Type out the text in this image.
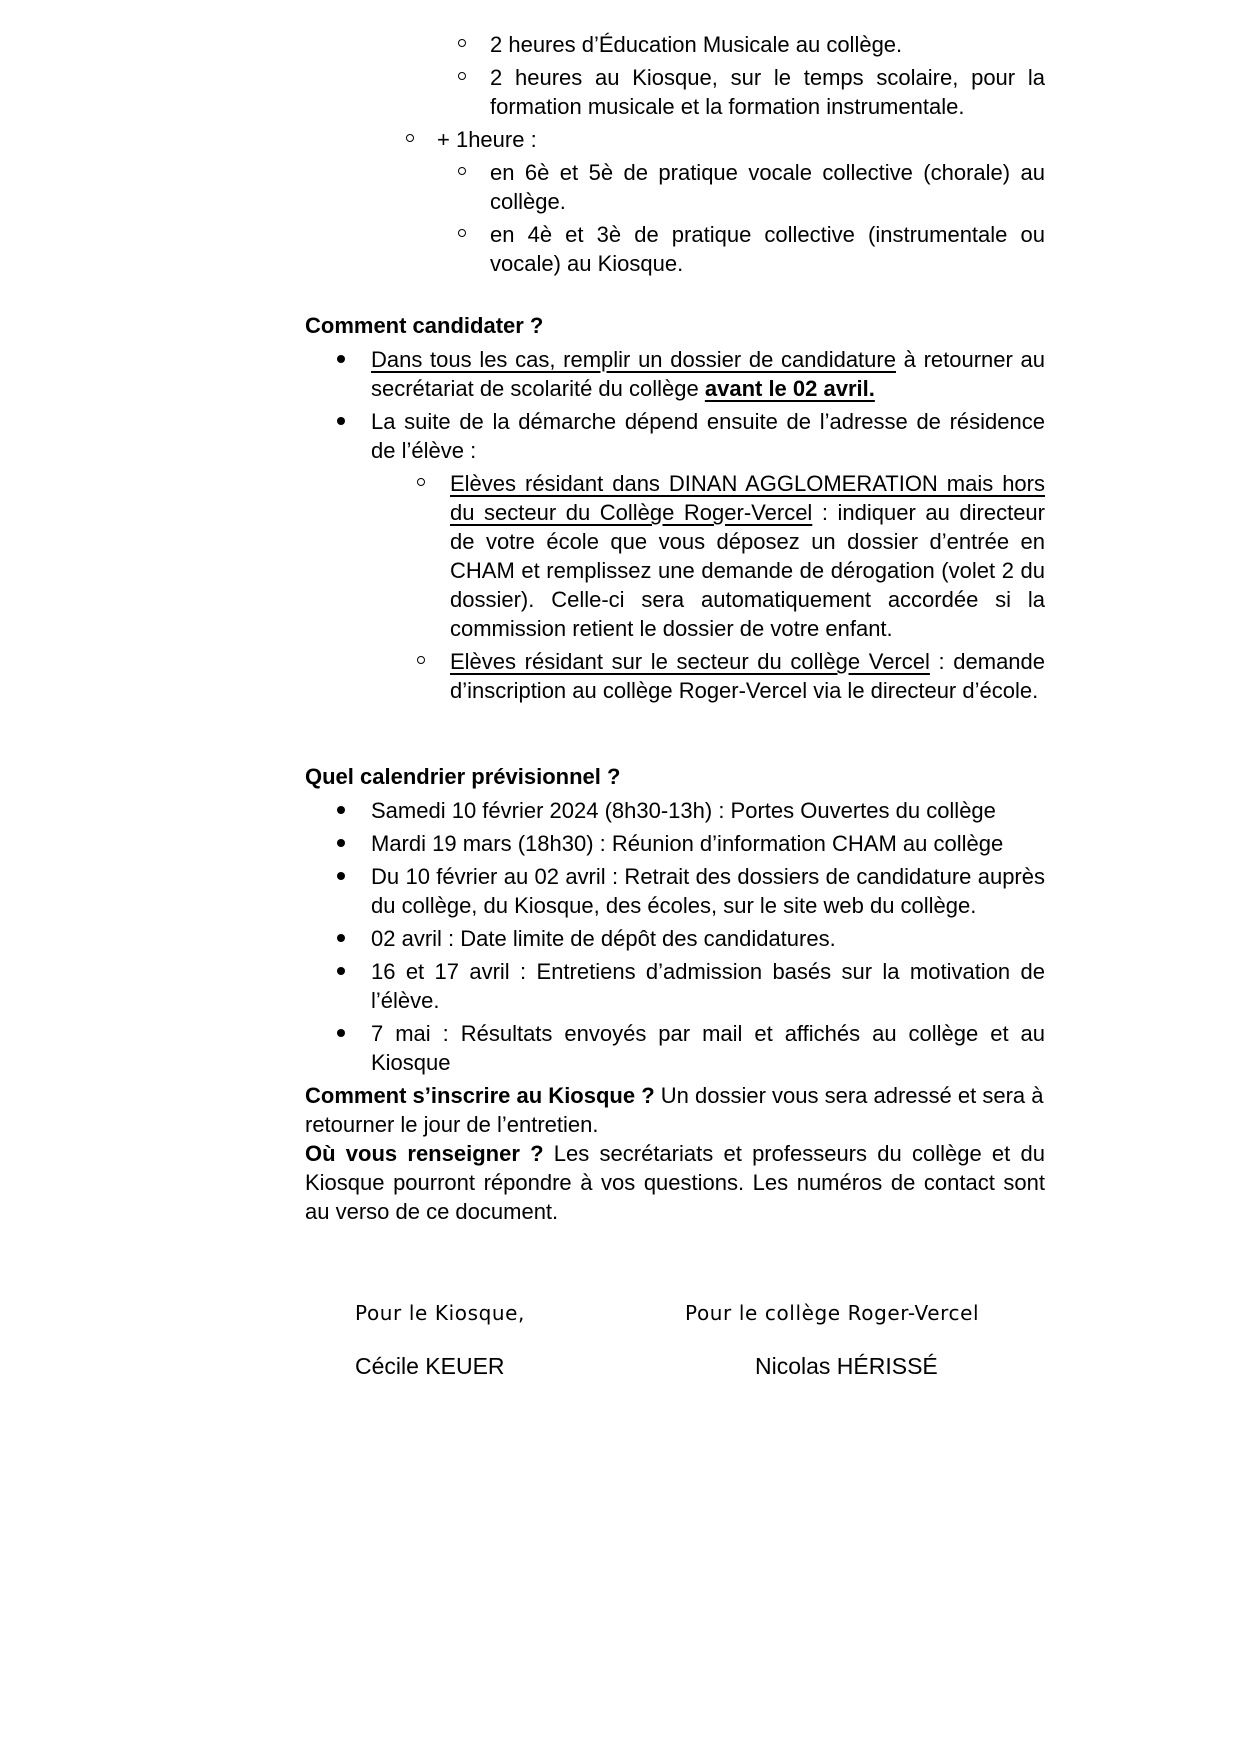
2 heures d’Éducation Musicale au collège.
2 heures au Kiosque, sur le temps scolaire, pour la formation musicale et la formation instrumentale.
+ 1heure :
en 6è et 5è de pratique vocale collective (chorale) au collège.
en 4è et 3è de pratique collective (instrumentale ou vocale) au Kiosque.

Comment candidater ?

Dans tous les cas, remplir un dossier de candidature à retourner au secrétariat de scolarité du collège avant le 02 avril.
La suite de la démarche dépend ensuite de l’adresse de résidence de l’élève :
Elèves résidant dans DINAN AGGLOMERATION mais hors du secteur du Collège Roger-Vercel : indiquer au directeur de votre école que vous déposez un dossier d’entrée en CHAM et remplissez une demande de dérogation (volet 2 du dossier). Celle-ci sera automatiquement accordée si la commission retient le dossier de votre enfant.
Elèves résidant sur le secteur du collège Vercel : demande d’inscription au collège Roger-Vercel via le directeur d’école.

Quel calendrier prévisionnel ?

Samedi 10 février 2024 (8h30-13h) : Portes Ouvertes du collège
Mardi 19 mars (18h30) : Réunion d’information CHAM au collège
Du 10 février au 02 avril : Retrait des dossiers de candidature auprès du collège, du Kiosque, des écoles, sur le site web du collège.
02 avril : Date limite de dépôt des candidatures.
16 et 17 avril : Entretiens d’admission basés sur la motivation de l’élève.
7 mai : Résultats envoyés par mail et affichés au collège et au Kiosque

Comment s’inscrire au Kiosque ? Un dossier vous sera adressé et sera à retourner le jour de l’entretien.

Où vous renseigner ? Les secrétariats et professeurs du collège et du Kiosque pourront répondre à vos questions. Les numéros de contact sont au verso de ce document.

Pour le Kiosque,	Pour le collège Roger-Vercel
Cécile KEUER	Nicolas HÉRISSÉ
